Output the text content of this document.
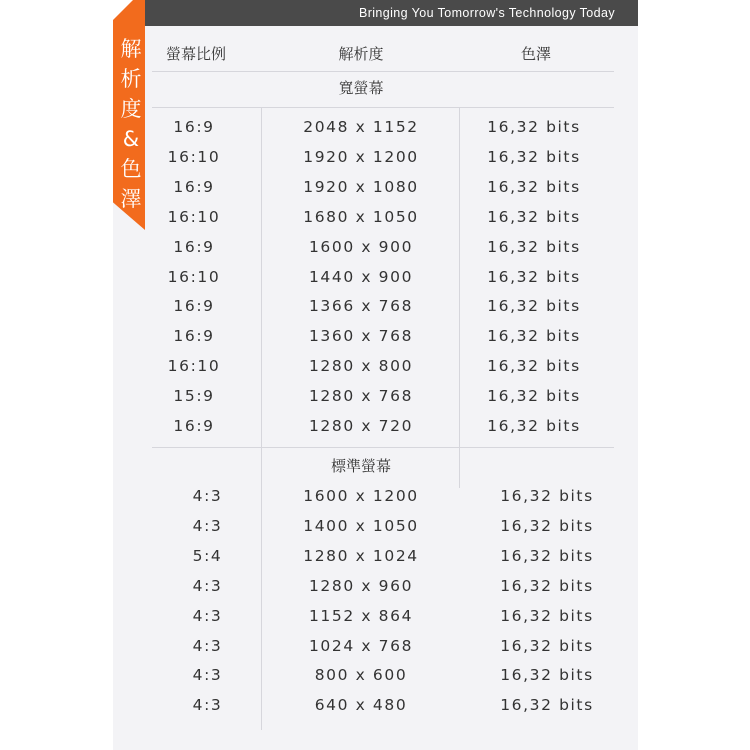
Bringing You Tomorrow's Technology Today
解析度&色澤
螢幕比例	解析度	色澤
寬螢幕
16:9	2048 x 1152	16,32 bits
16:10	1920 x 1200	16,32 bits
16:9	1920 x 1080	16,32 bits
16:10	1680 x 1050	16,32 bits
16:9	1600 x 900	16,32 bits
16:10	1440 x 900	16,32 bits
16:9	1366 x 768	16,32 bits
16:9	1360 x 768	16,32 bits
16:10	1280 x 800	16,32 bits
15:9	1280 x 768	16,32 bits
16:9	1280 x 720	16,32 bits
標準螢幕
4:3	1600 x 1200	16,32 bits
4:3	1400 x 1050	16,32 bits
5:4	1280 x 1024	16,32 bits
4:3	1280 x 960	16,32 bits
4:3	1152 x 864	16,32 bits
4:3	1024 x 768	16,32 bits
4:3	800 x 600	16,32 bits
4:3	640 x 480	16,32 bits
